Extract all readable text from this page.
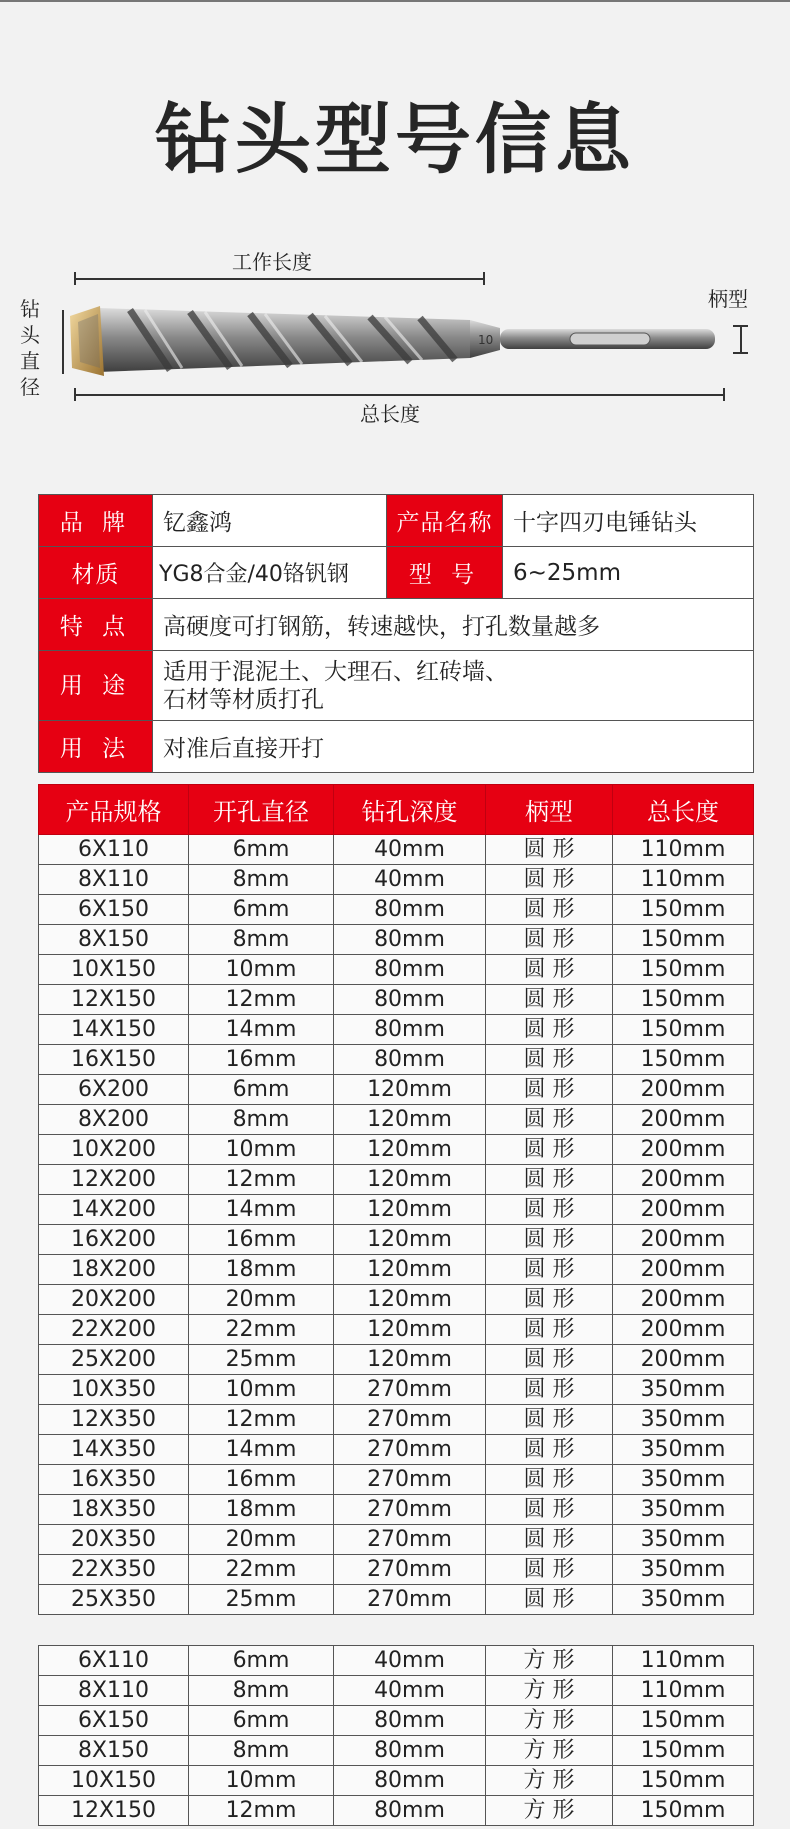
钻头型号信息
工作长度
钻头直径
柄型
10
总长度
品 牌	钇鑫鸿	产品名称	十字四刃电锤钻头
材质	YG8合金/40铬钒钢	型 号	6~25mm
特 点	高硬度可打钢筋，转速越快，打孔数量越多		
用 途	适用于混泥土、大理石、红砖墙、
石材等材质打孔		

用 法	对准后直接开打		
产品规格	开孔直径	钻孔深度	柄型	总长度
6X110	6mm	40mm	圆 形	110mm
8X110	8mm	40mm	圆 形	110mm
6X150	6mm	80mm	圆 形	150mm
8X150	8mm	80mm	圆 形	150mm
10X150	10mm	80mm	圆 形	150mm
12X150	12mm	80mm	圆 形	150mm
14X150	14mm	80mm	圆 形	150mm
16X150	16mm	80mm	圆 形	150mm
6X200	6mm	120mm	圆 形	200mm
8X200	8mm	120mm	圆 形	200mm
10X200	10mm	120mm	圆 形	200mm
12X200	12mm	120mm	圆 形	200mm
14X200	14mm	120mm	圆 形	200mm
16X200	16mm	120mm	圆 形	200mm
18X200	18mm	120mm	圆 形	200mm
20X200	20mm	120mm	圆 形	200mm
22X200	22mm	120mm	圆 形	200mm
25X200	25mm	120mm	圆 形	200mm
10X350	10mm	270mm	圆 形	350mm
12X350	12mm	270mm	圆 形	350mm
14X350	14mm	270mm	圆 形	350mm
16X350	16mm	270mm	圆 形	350mm
18X350	18mm	270mm	圆 形	350mm
20X350	20mm	270mm	圆 形	350mm
22X350	22mm	270mm	圆 形	350mm
25X350	25mm	270mm	圆 形	350mm
6X110	6mm	40mm	方 形	110mm
8X110	8mm	40mm	方 形	110mm
6X150	6mm	80mm	方 形	150mm
8X150	8mm	80mm	方 形	150mm
10X150	10mm	80mm	方 形	150mm
12X150	12mm	80mm	方 形	150mm
